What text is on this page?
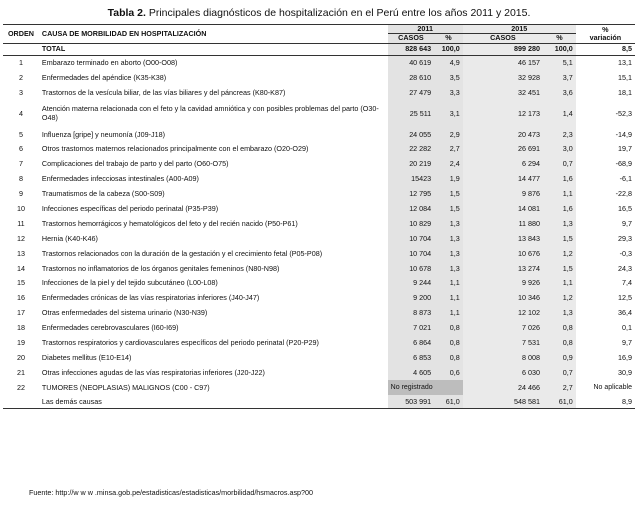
Tabla 2. Principales diagnósticos de hospitalización en el Perú entre los años 2011 y 2015.
ORDEN	CAUSA DE MORBILIDAD EN HOSPITALIZACIÓN	2011		2015		%
variación

		CASOS	%	CASOS	%	
	TOTAL	828 643	100,0	899 280	100,0	8,5
1	Embarazo terminado en aborto (O00-O08)	40 619	4,9	46 157	5,1	13,1
2	Enfermedades del apéndice (K35-K38)	28 610	3,5	32 928	3,7	15,1
3	Trastornos de la vesícula biliar, de las vías biliares y del páncreas (K80-K87)	27 479	3,3	32 451	3,6	18,1
4	Atención materna relacionada con el feto y la cavidad amniótica y con posibles problemas del parto (O30-O48)	25 511	3,1	12 173	1,4	-52,3
5	Influenza [gripe] y neumonía (J09-J18)	24 055	2,9	20 473	2,3	-14,9
6	Otros trastornos maternos relacionados principalmente con el embarazo (O20-O29)	22 282	2,7	26 691	3,0	19,7
7	Complicaciones del trabajo de parto y del parto (O60-O75)	20 219	2,4	6 294	0,7	-68,9
8	Enfermedades infecciosas intestinales (A00-A09)	15423	1,9	14 477	1,6	-6,1
9	Traumatismos de la cabeza (S00-S09)	12 795	1,5	9 876	1,1	-22,8
10	Infecciones específicas del periodo perinatal (P35-P39)	12 084	1,5	14 081	1,6	16,5
11	Trastornos hemorrágicos y hematológicos del feto y del recién nacido (P50-P61)	10 829	1,3	11 880	1,3	9,7
12	Hernia (K40-K46)	10 704	1,3	13 843	1,5	29,3
13	Trastornos relacionados con la duración de la gestación y el crecimiento fetal (P05-P08)	10 704	1,3	10 676	1,2	-0,3
14	Trastornos no inflamatorios de los órganos genitales femeninos (N80-N98)	10 678	1,3	13 274	1,5	24,3
15	Infecciones de la piel y del tejido subcutáneo (L00-L08)	9 244	1,1	9 926	1,1	7,4
16	Enfermedades crónicas de las vías respiratorias inferiores (J40-J47)	9 200	1,1	10 346	1,2	12,5
17	Otras enfermedades del sistema urinario (N30-N39)	8 873	1,1	12 102	1,3	36,4
18	Enfermedades cerebrovasculares (I60-I69)	7 021	0,8	7 026	0,8	0,1
19	Trastornos respiratorios y cardiovasculares específicos del periodo perinatal (P20-P29)	6 864	0,8	7 531	0,8	9,7
20	Diabetes mellitus (E10-E14)	6 853	0,8	8 008	0,9	16,9
21	Otras infecciones agudas de las vías respiratorias inferiores (J20-J22)	4 605	0,6	6 030	0,7	30,9
22	TUMORES (NEOPLASIAS) MALIGNOS (C00 - C97)	No registrado		24 466	2,7	No aplicable
	Las demás causas	503 991	61,0	548 581	61,0	8,9
Fuente: http://w w w .minsa.gob.pe/estadisticas/estadisticas/morbilidad/hsmacros.asp?00
